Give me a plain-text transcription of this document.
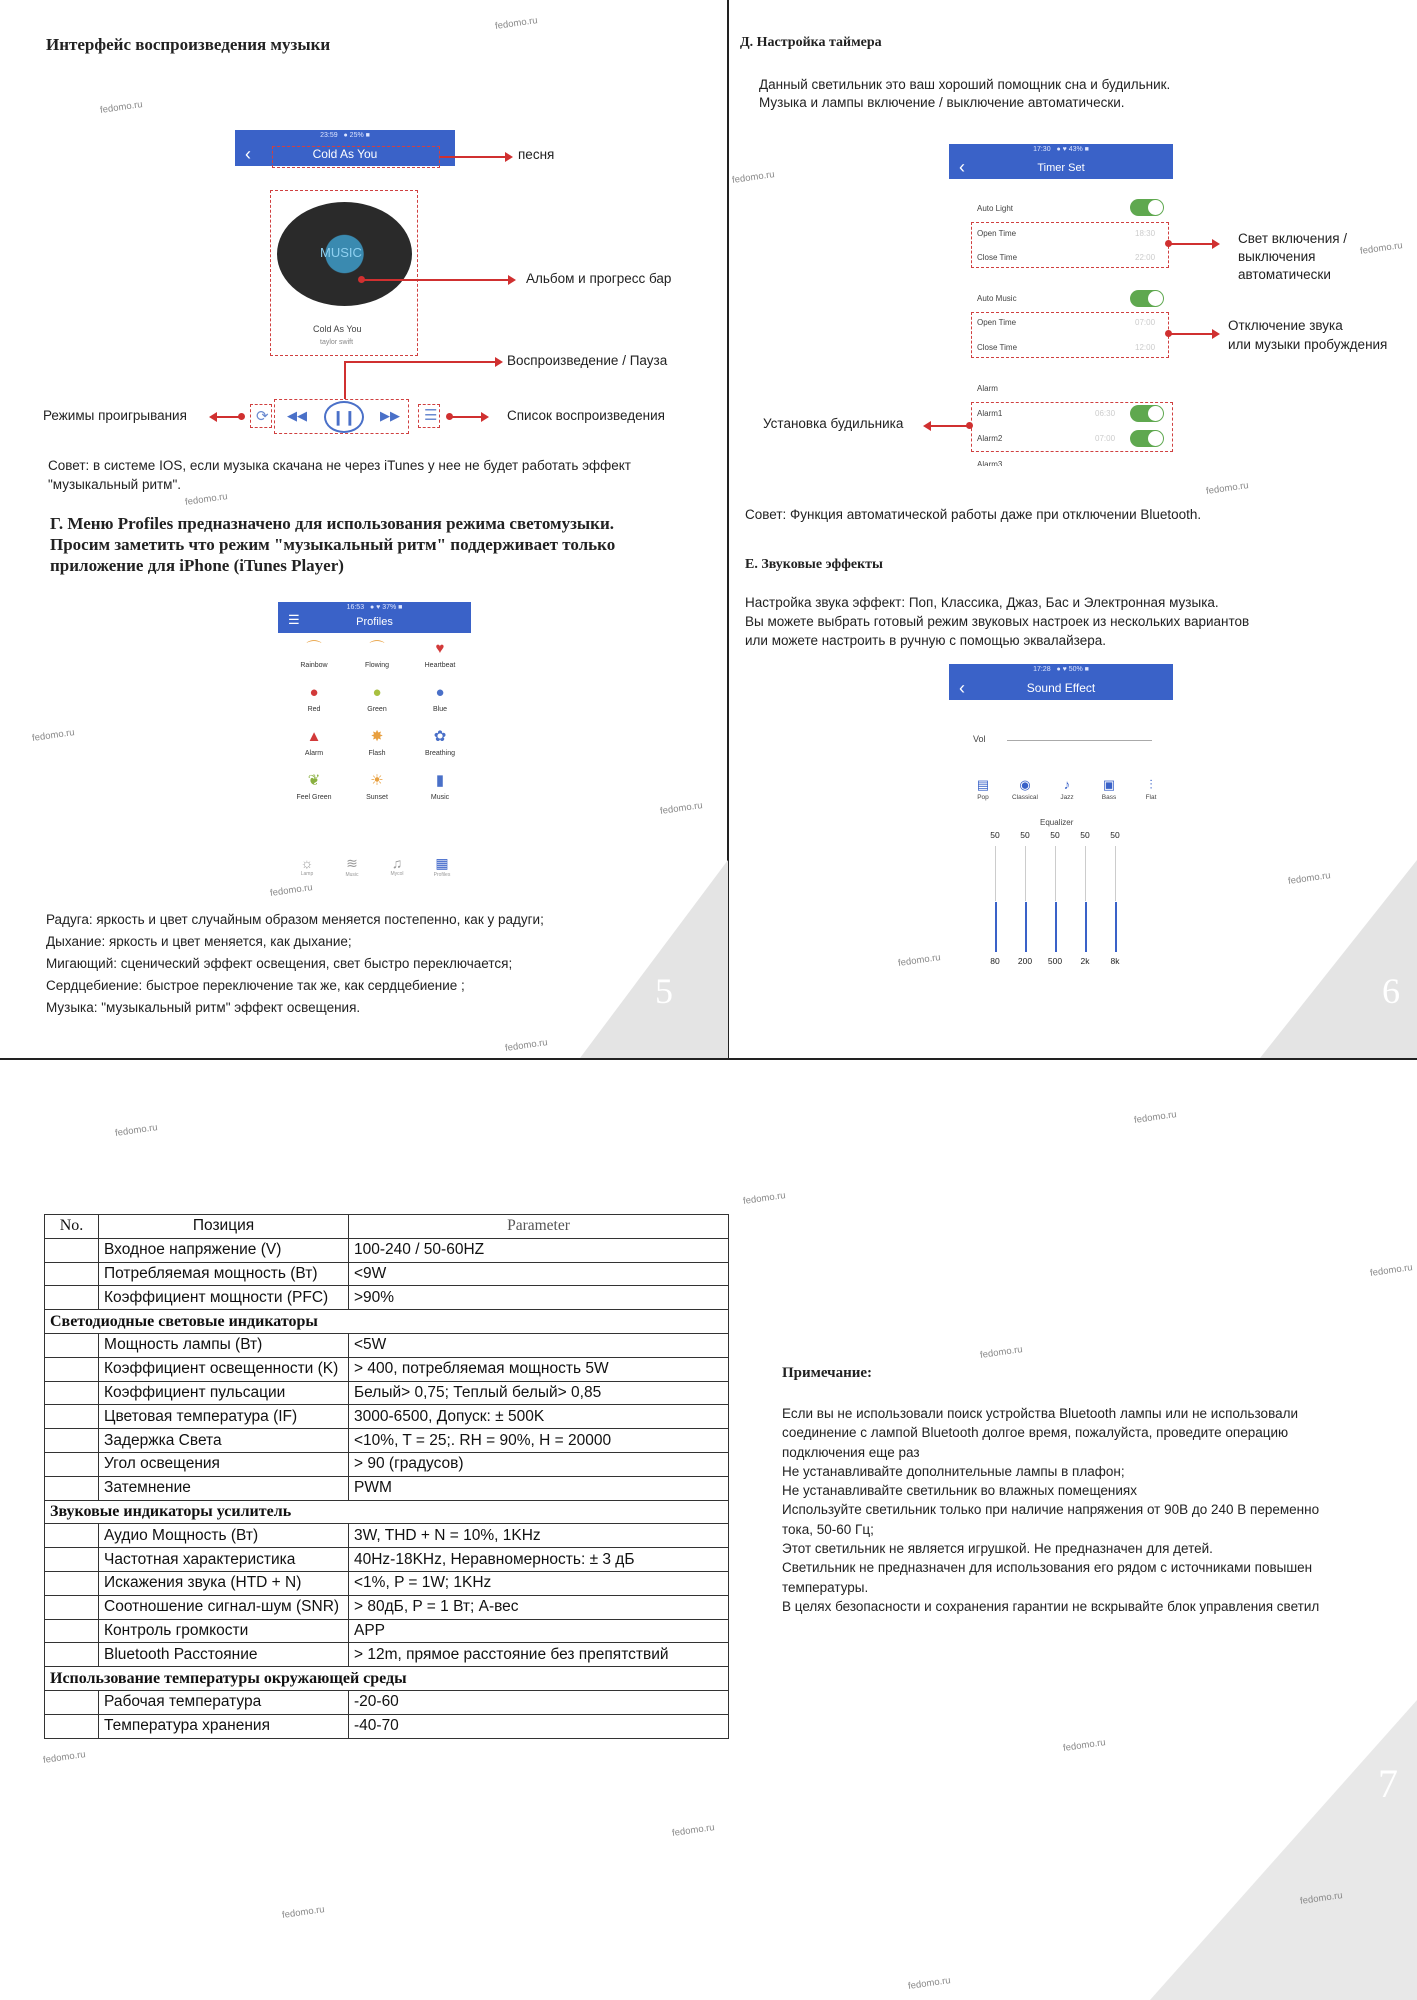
5	6
7
fedomo.ru
fedomo.ru
fedomo.ru
fedomo.ru
fedomo.ru
fedomo.ru
fedomo.ru
fedomo.ru
fedomo.ru
fedomo.ru
fedomo.ru
fedomo.ru
fedomo.ru
fedomo.ru
fedomo.ru
fedomo.ru
fedomo.ru
fedomo.ru
fedomo.ru
fedomo.ru
fedomo.ru
fedomo.ru
fedomo.ru
Интерфейс воспроизведения музыки
23:59 ● 25% ■
‹	Cold As You	песня
MUSIC
Cold As You
taylor swift
Альбом и прогресс бар
Воспроизведение / Пауза
⟳ ◀◀	❙❙	▶▶ ☰
Режимы проигрывания	Список воспроизведения
Совет: в системе IOS, если музыка скачана не через iTunes у нее не будет работать эффект "музыкальный ритм".
Г. Меню Profiles предназначено для использования режима светомузыки.
Просим заметить что режим "музыкальный ритм" поддерживает только
приложение для iPhone (iTunes Player)
16:53 ● ♥ 37% ■
☰	Profiles
⌒
Rainbow
⌒
Flowing
♥
Heartbeat
●
Red
●
Green
●
Blue
▲
Alarm
✸
Flash
✿
Breathing
❦
Feel Green
☀
Sunset
▮
Music
☼
Lamp
≋
Music
♫
Mycol
▦
Profiles
Радуга: яркость и цвет случайным образом меняется постепенно, как у радуги;
Дыхание: яркость и цвет меняется, как дыхание;
Мигающий: сценический эффект освещения, свет быстро переключается;
Сердцебиение: быстрое переключение так же, как сердцебиение ;
Музыка: "музыкальный ритм" эффект освещения.
Д. Настройка таймера
Данный светильник это ваш хороший помощник сна и будильник.
Музыка и лампы включение / выключение автоматически.
17:30 ● ♥ 43% ■
‹	Timer Set
Auto Light
Open Time	18:30
Close Time	22:00
Свет включения /
выключения
автоматически
Auto Music
Open Time	07:00
Close Time	12:00
Отключение звука
или музыки пробуждения
Alarm
Alarm1	06:30
Alarm2	07:00
Alarm3
Установка будильника
Совет: Функция автоматической работы даже при отключении Bluetooth.
Е. Звуковые эффекты
Настройка звука эффект: Поп, Классика, Джаз, Бас и Электронная музыка.
Вы можете выбрать готовый режим звуковых настроек из нескольких вариантов
или можете настроить в ручную с помощью эквалайзера.
17:28 ● ♥ 50% ■
‹	Sound Effect
Vol
▤
Pop
◉
Classical
♪
Jazz
▣
Bass
⫶
Flat
Equalizer
50
80
50
200
50
500
50
2k
50
8k
No.	Позиция	Parameter
	Входное напряжение (V)	100-240 / 50-60HZ
	Потребляемая мощность (Вт)	<9W
	Коэффициент мощности (PFC)	>90%
Светодиодные световые индикаторы		
	Мощность лампы (Вт)	<5W
	Коэффициент освещенности (K)	> 400, потребляемая мощность 5W
	Коэффициент пульсации	Белый> 0,75; Теплый белый> 0,85
	Цветовая температура (IF)	3000-6500, Допуск: ± 500K
	Задержка Света	<10%, T = 25;. RH = 90%, H = 20000
	Угол освещения	> 90 (градусов)
	Затемнение	PWM
Звуковые индикаторы усилитель		
	Аудио Мощность (Вт)	3W, THD + N = 10%, 1KHz
	Частотная характеристика	40Hz-18KHz, Неравномерность: ± 3 дБ
	Искажения звука (HTD + N)	<1%, P = 1W; 1KHz
	Соотношение сигнал-шум (SNR)	> 80дБ, P = 1 Вт; А-вес
	Контроль громкости	APP
	Bluetooth Расстояние	> 12m, прямое расстояние без препятствий
Использование температуры окружающей среды		
	Рабочая температура	-20-60
	Температура хранения	-40-70
Примечание:
Если вы не использовали поиск устройства Bluetooth лампы или не использовали
соединение с лампой Bluetooth долгое время, пожалуйста, проведите операцию
подключения еще раз
Не устанавливайте дополнительные лампы в плафон;
Не устанавливайте светильник во влажных помещениях
Используйте светильник только при наличие напряжения от 90В до 240 В переменно
тока, 50-60 Гц;
Этот светильник не является игрушкой. Не предназначен для детей.
Светильник не предназначен для использования его рядом с источниками повышен
температуры.
В целях безопасности и сохранения гарантии не вскрывайте блок управления светил
